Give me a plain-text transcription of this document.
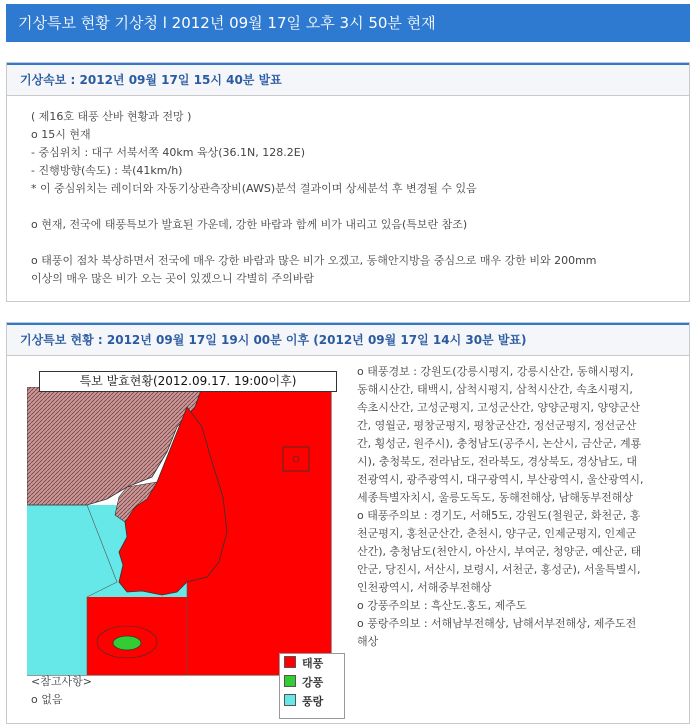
기상특보 현황 기상청 l 2012년 09월 17일 오후 3시 50분 현재
기상속보 : 2012년 09월 17일 15시 40분 발표
( 제16호 태풍 산바 현황과 전망 )
o 15시 현재
- 중심위치 : 대구 서북서쪽 40km 육상(36.1N, 128.2E)
- 진행방향(속도) : 북(41km/h)
* 이 중심위치는 레이더와 자동기상관측장비(AWS)분석 결과이며 상세분석 후 변경될 수 있음
o 현재, 전국에 태풍특보가 발효된 가운데, 강한 바람과 함께 비가 내리고 있음(특보란 참조)
o 태풍이 점차 북상하면서 전국에 매우 강한 바람과 많은 비가 오겠고, 동해안지방을 중심으로 매우 강한 비와 200mm
이상의 매우 많은 비가 오는 곳이 있겠으니 각별히 주의바람
기상특보 현황 : 2012년 09월 17일 19시 00분 이후 (2012년 09월 17일 14시 30분 발표)
특보 발효현황(2012.09.17. 19:00이후)
태풍
강풍
풍랑
<참고사항>
o 없음
o 태풍경보 : 강원도(강릉시평지, 강릉시산간, 동해시평지,
동해시산간, 태백시, 삼척시평지, 삼척시산간, 속초시평지,
속초시산간, 고성군평지, 고성군산간, 양양군평지, 양양군산
간, 영월군, 평창군평지, 평창군산간, 정선군평지, 정선군산
간, 횡성군, 원주시), 충청남도(공주시, 논산시, 금산군, 계룡
시), 충청북도, 전라남도, 전라북도, 경상북도, 경상남도, 대
전광역시, 광주광역시, 대구광역시, 부산광역시, 울산광역시,
세종특별자치시, 울릉도독도, 동해전해상, 남해동부전해상
o 태풍주의보 : 경기도, 서해5도, 강원도(철원군, 화천군, 홍
천군평지, 홍천군산간, 춘천시, 양구군, 인제군평지, 인제군
산간), 충청남도(천안시, 아산시, 부여군, 청양군, 예산군, 태
안군, 당진시, 서산시, 보령시, 서천군, 홍성군), 서울특별시,
인천광역시, 서해중부전해상
o 강풍주의보 : 흑산도.홍도, 제주도
o 풍랑주의보 : 서해남부전해상, 남해서부전해상, 제주도전
해상
